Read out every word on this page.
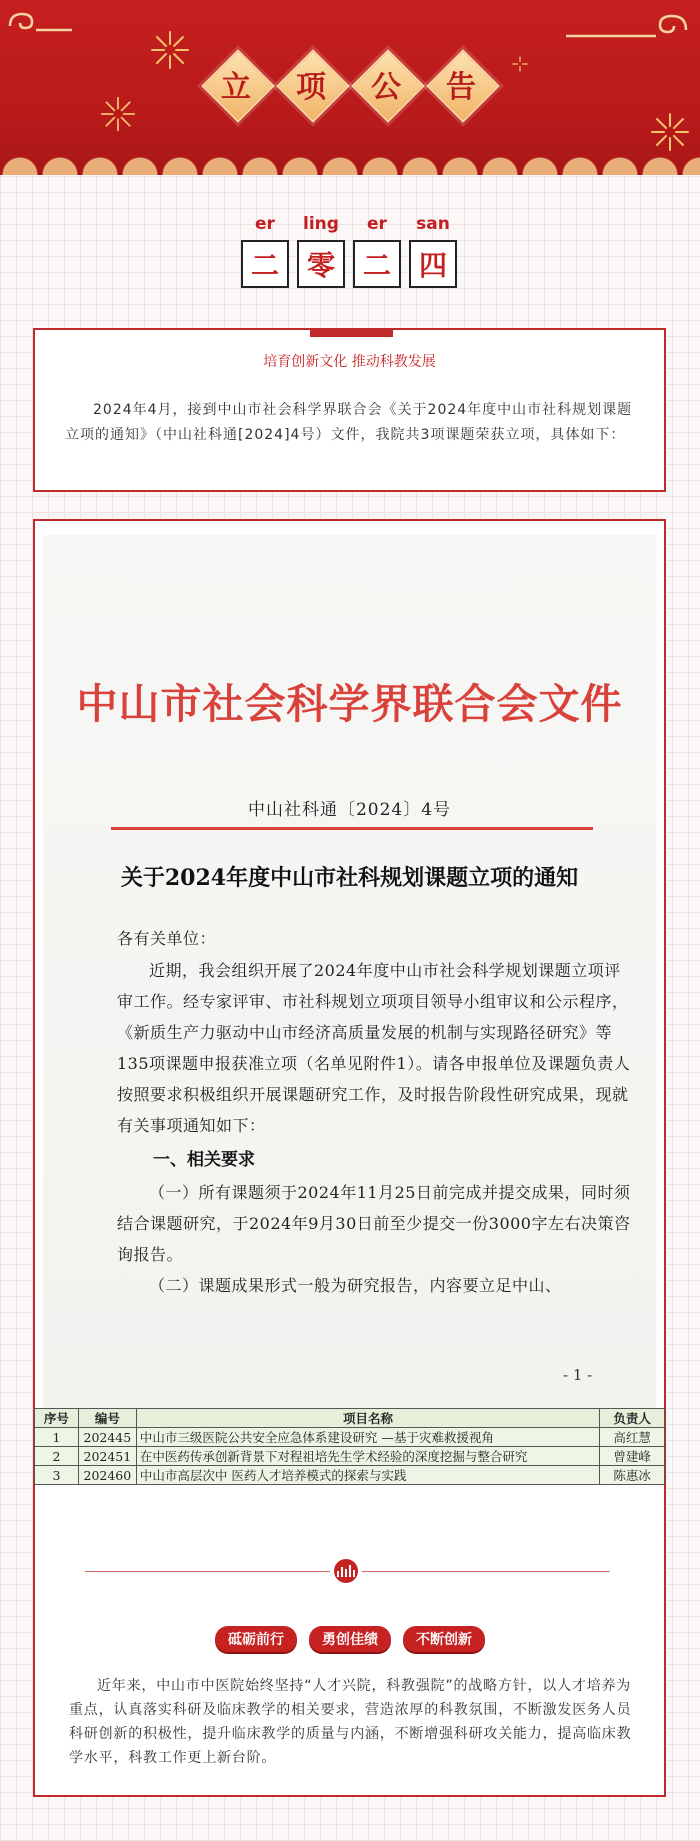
立	项	公	告
er	ling	er	san
二 零 二 四
培育创新文化 推动科教发展
2024年4月，接到中山市社会科学界联合会《关于2024年度中山市社科规划课题立项的通知》（中山社科通[2024]4号）文件，我院共3项课题荣获立项，具体如下：
中山市社会科学界联合会文件
中山社科通〔2024〕4号
关于2024年度中山市社科规划课题立项的通知
各有关单位：
近期，我会组织开展了2024年度中山市社会科学规划课题立项评审工作。经专家评审、市社科规划立项项目领导小组审议和公示程序，《新质生产力驱动中山市经济高质量发展的机制与实现路径研究》等135项课题申报获准立项（名单见附件1）。请各申报单位及课题负责人按照要求积极组织开展课题研究工作，及时报告阶段性研究成果，现就有关事项通知如下：
一、相关要求
（一）所有课题须于2024年11月25日前完成并提交成果，同时须结合课题研究，于2024年9月30日前至少提交一份3000字左右决策咨询报告。
（二）课题成果形式一般为研究报告，内容要立足中山、
- 1 -
序号	编号	项目名称	负责人
1	202445	中山市三级医院公共安全应急体系建设研究 —基于灾难救援视角	高红慧
2	202451	在中医药传承创新背景下对程祖培先生学术经验的深度挖掘与整合研究	曾建峰
3	202460	中山市高层次中 医药人才培养模式的探索与实践	陈惠冰
砥砺前行	勇创佳绩	不断创新
近年来，中山市中医院始终坚持“人才兴院，科教强院”的战略方针，以人才培养为重点，认真落实科研及临床教学的相关要求，营造浓厚的科教氛围，不断激发医务人员科研创新的积极性，提升临床教学的质量与内涵，不断增强科研攻关能力，提高临床教学水平，科教工作更上新台阶。
